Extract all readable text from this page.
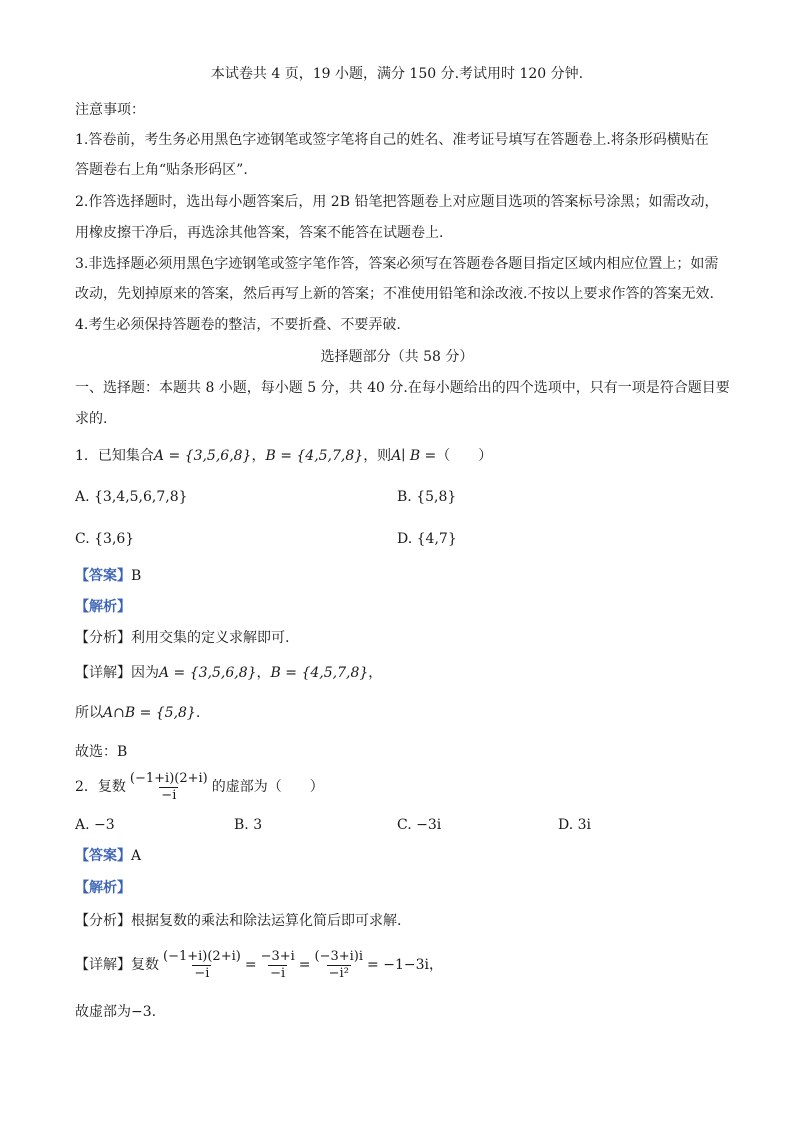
本试卷共 4 页，19 小题，满分 150 分.考试用时 120 分钟.
注意事项：
1.答卷前，考生务必用黑色字迹钢笔或签字笔将自己的姓名、准考证号填写在答题卷上.将条形码横贴在
答题卷右上角“贴条形码区”.
2.作答选择题时，选出每小题答案后，用 2B 铅笔把答题卷上对应题目选项的答案标号涂黑；如需改动，
用橡皮擦干净后，再选涂其他答案，答案不能答在试题卷上.
3.非选择题必须用黑色字迹钢笔或签字笔作答，答案必须写在答题卷各题目指定区域内相应位置上；如需
改动，先划掉原来的答案，然后再写上新的答案；不准使用铅笔和涂改液.不按以上要求作答的答案无效.
4.考生必须保持答题卷的整洁，不要折叠、不要弄破.
选择题部分（共 58 分）
一、选择题：本题共 8 小题，每小题 5 分，共 40 分.在每小题给出的四个选项中，只有一项是符合题目要
求的.
1．已知集合A = {3,5,6,8}，B = {4,5,7,8}，则A∣ B =（　　）
A. {3,4,5,6,7,8}	B. {5,8}
C. {3,6}	D. {4,7}
【答案】B
【解析】
【分析】利用交集的定义求解即可.
【详解】因为A = {3,5,6,8}，B = {4,5,7,8}，
所以A∩B = {5,8}.
故选：B
2．复数 $\frac{(-1+i)(2+i)}{-i}$ 的虚部为（　　）
A. −3	B. 3	C. −3i	D. 3i
【答案】A
【解析】
【分析】根据复数的乘法和除法运算化简后即可求解.
【详解】复数 $\frac{(-1+i)(2+i)}{-i} = \frac{-3+i}{-i} = \frac{(-3+i)i}{\text{−i²}} = -1-3i$，
故虚部为−3.
